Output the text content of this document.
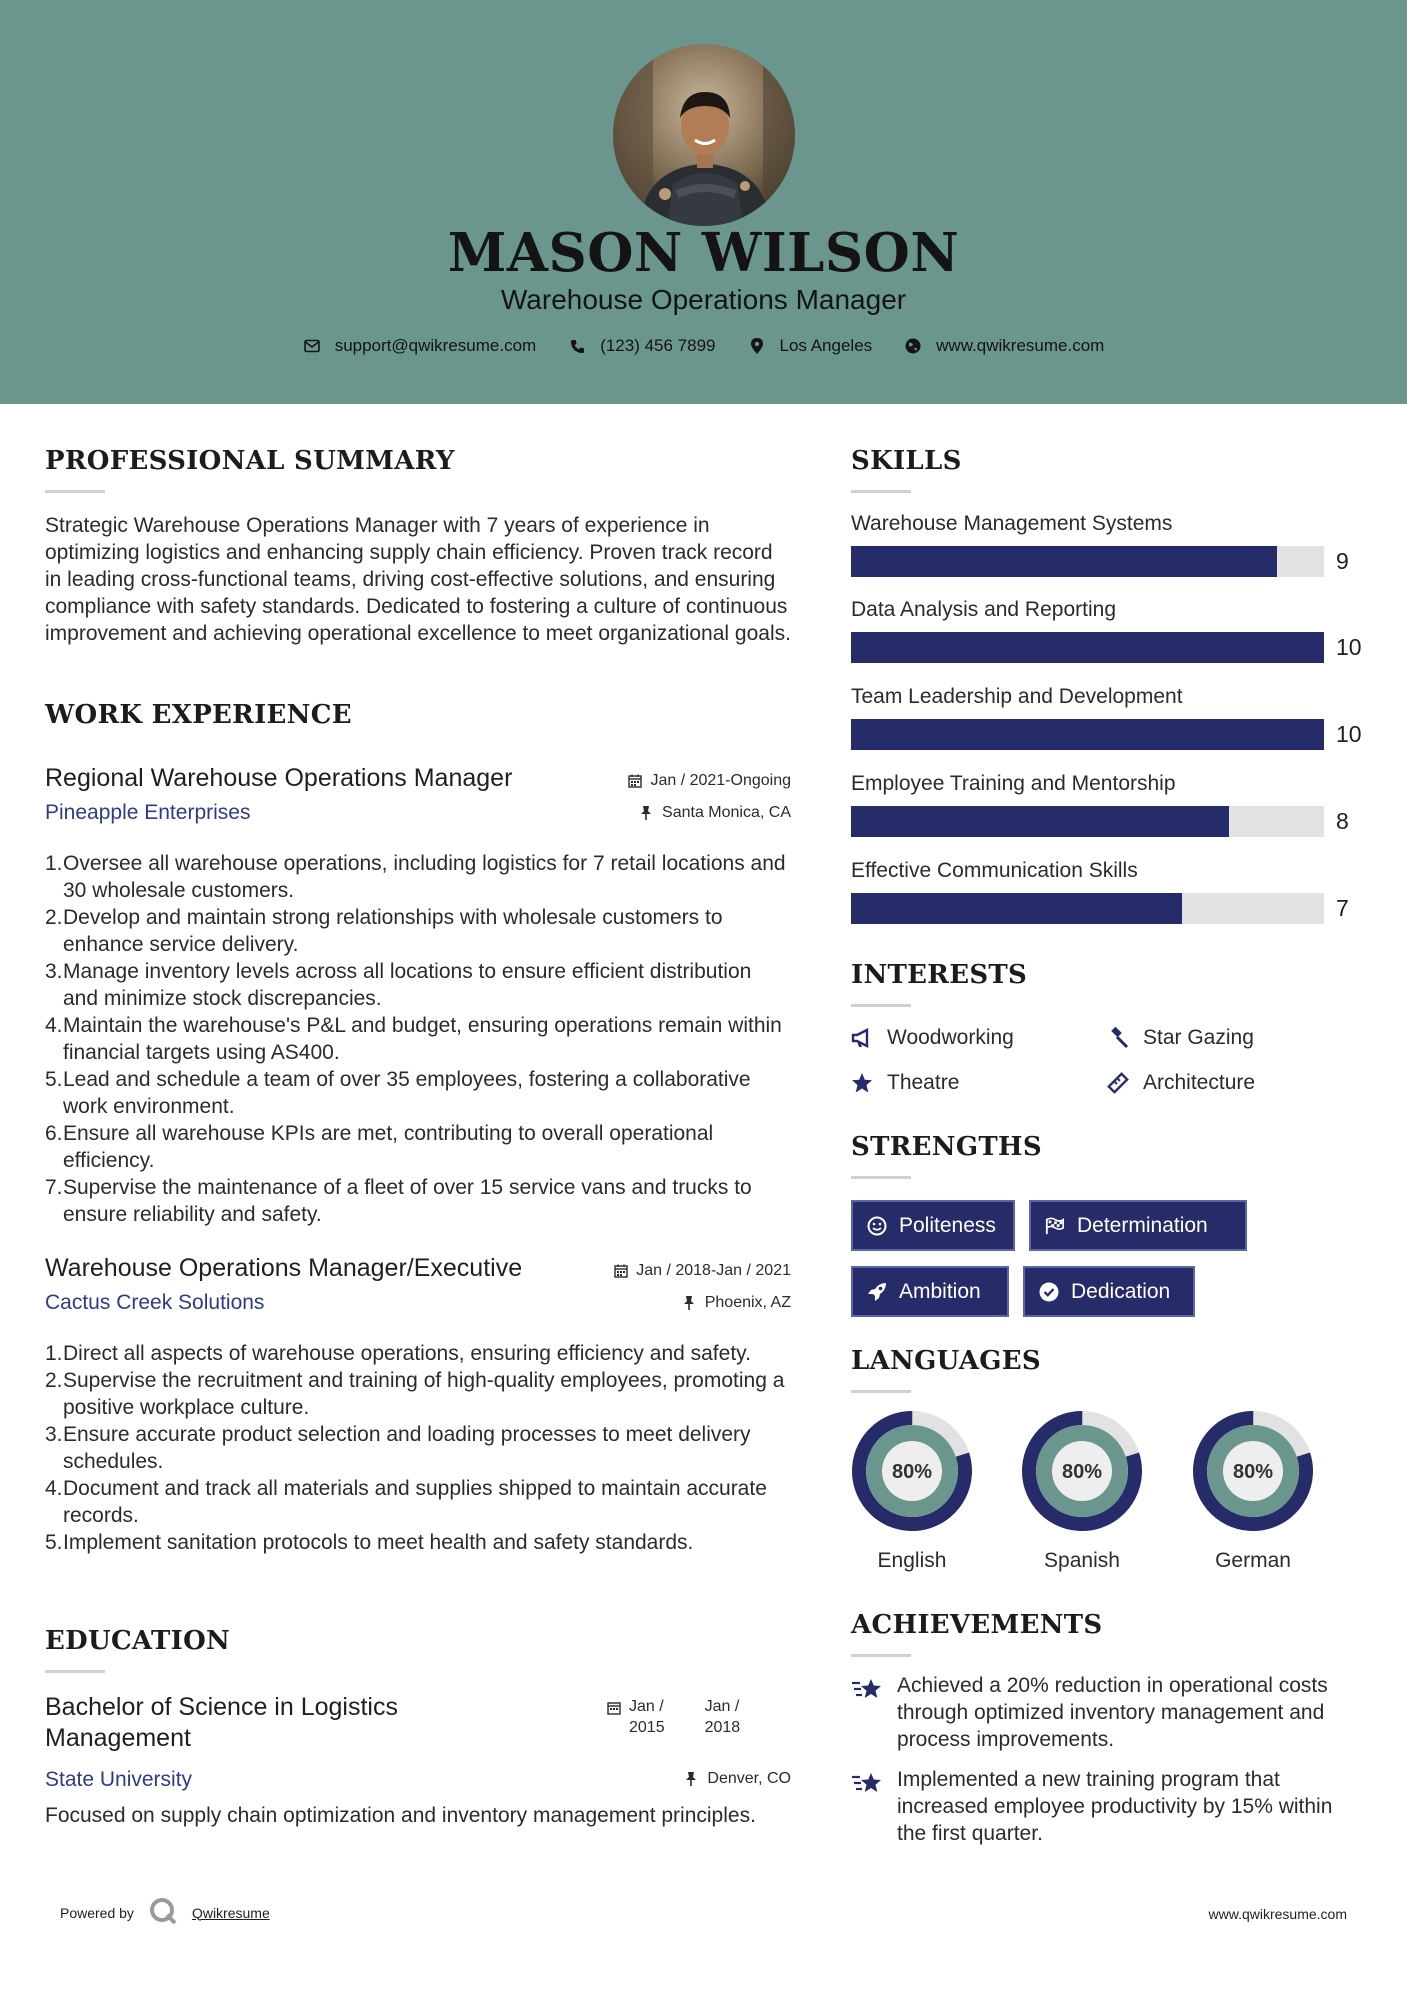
MASON WILSON
Warehouse Operations Manager
support@qwikresume.com	(123) 456 7899	Los Angeles	www.qwikresume.com
PROFESSIONAL SUMMARY
Strategic Warehouse Operations Manager with 7 years of experience in optimizing logistics and enhancing supply chain efficiency. Proven track record in leading cross-functional teams, driving cost-effective solutions, and ensuring compliance with safety standards. Dedicated to fostering a culture of continuous improvement and achieving operational excellence to meet organizational goals.
WORK EXPERIENCE
Regional Warehouse Operations Manager
Pineapple Enterprises
Jan / 2021-Ongoing
Santa Monica, CA
1. Oversee all warehouse operations, including logistics for 7 retail locations and 30 wholesale customers.
2. Develop and maintain strong relationships with wholesale customers to enhance service delivery.
3. Manage inventory levels across all locations to ensure efficient distribution and minimize stock discrepancies.
4. Maintain the warehouse's P&L and budget, ensuring operations remain within financial targets using AS400.
5. Lead and schedule a team of over 35 employees, fostering a collaborative work environment.
6. Ensure all warehouse KPIs are met, contributing to overall operational efficiency.
7. Supervise the maintenance of a fleet of over 15 service vans and trucks to ensure reliability and safety.
Warehouse Operations Manager/Executive
Cactus Creek Solutions
Jan / 2018-Jan / 2021
Phoenix, AZ
1. Direct all aspects of warehouse operations, ensuring efficiency and safety.
2. Supervise the recruitment and training of high-quality employees, promoting a positive workplace culture.
3. Ensure accurate product selection and loading processes to meet delivery schedules.
4. Document and track all materials and supplies shipped to maintain accurate records.
5. Implement sanitation protocols to meet health and safety standards.
EDUCATION
Bachelor of Science in Logistics Management
Jan /
2015
Jan /
2018
State University	Denver, CO
Focused on supply chain optimization and inventory management principles.
SKILLS
Warehouse Management Systems
9
Data Analysis and Reporting
10
Team Leadership and Development
10
Employee Training and Mentorship
8
Effective Communication Skills
7
INTERESTS
Woodworking	Star Gazing
Theatre	Architecture
STRENGTHS
Politeness	Determination
Ambition	Dedication
LANGUAGES
80%
English
80%
Spanish
80%
German
ACHIEVEMENTS
Achieved a 20% reduction in operational costs through optimized inventory management and process improvements.
Implemented a new training program that increased employee productivity by 15% within the first quarter.
Powered by	Qwikresume	www.qwikresume.com
